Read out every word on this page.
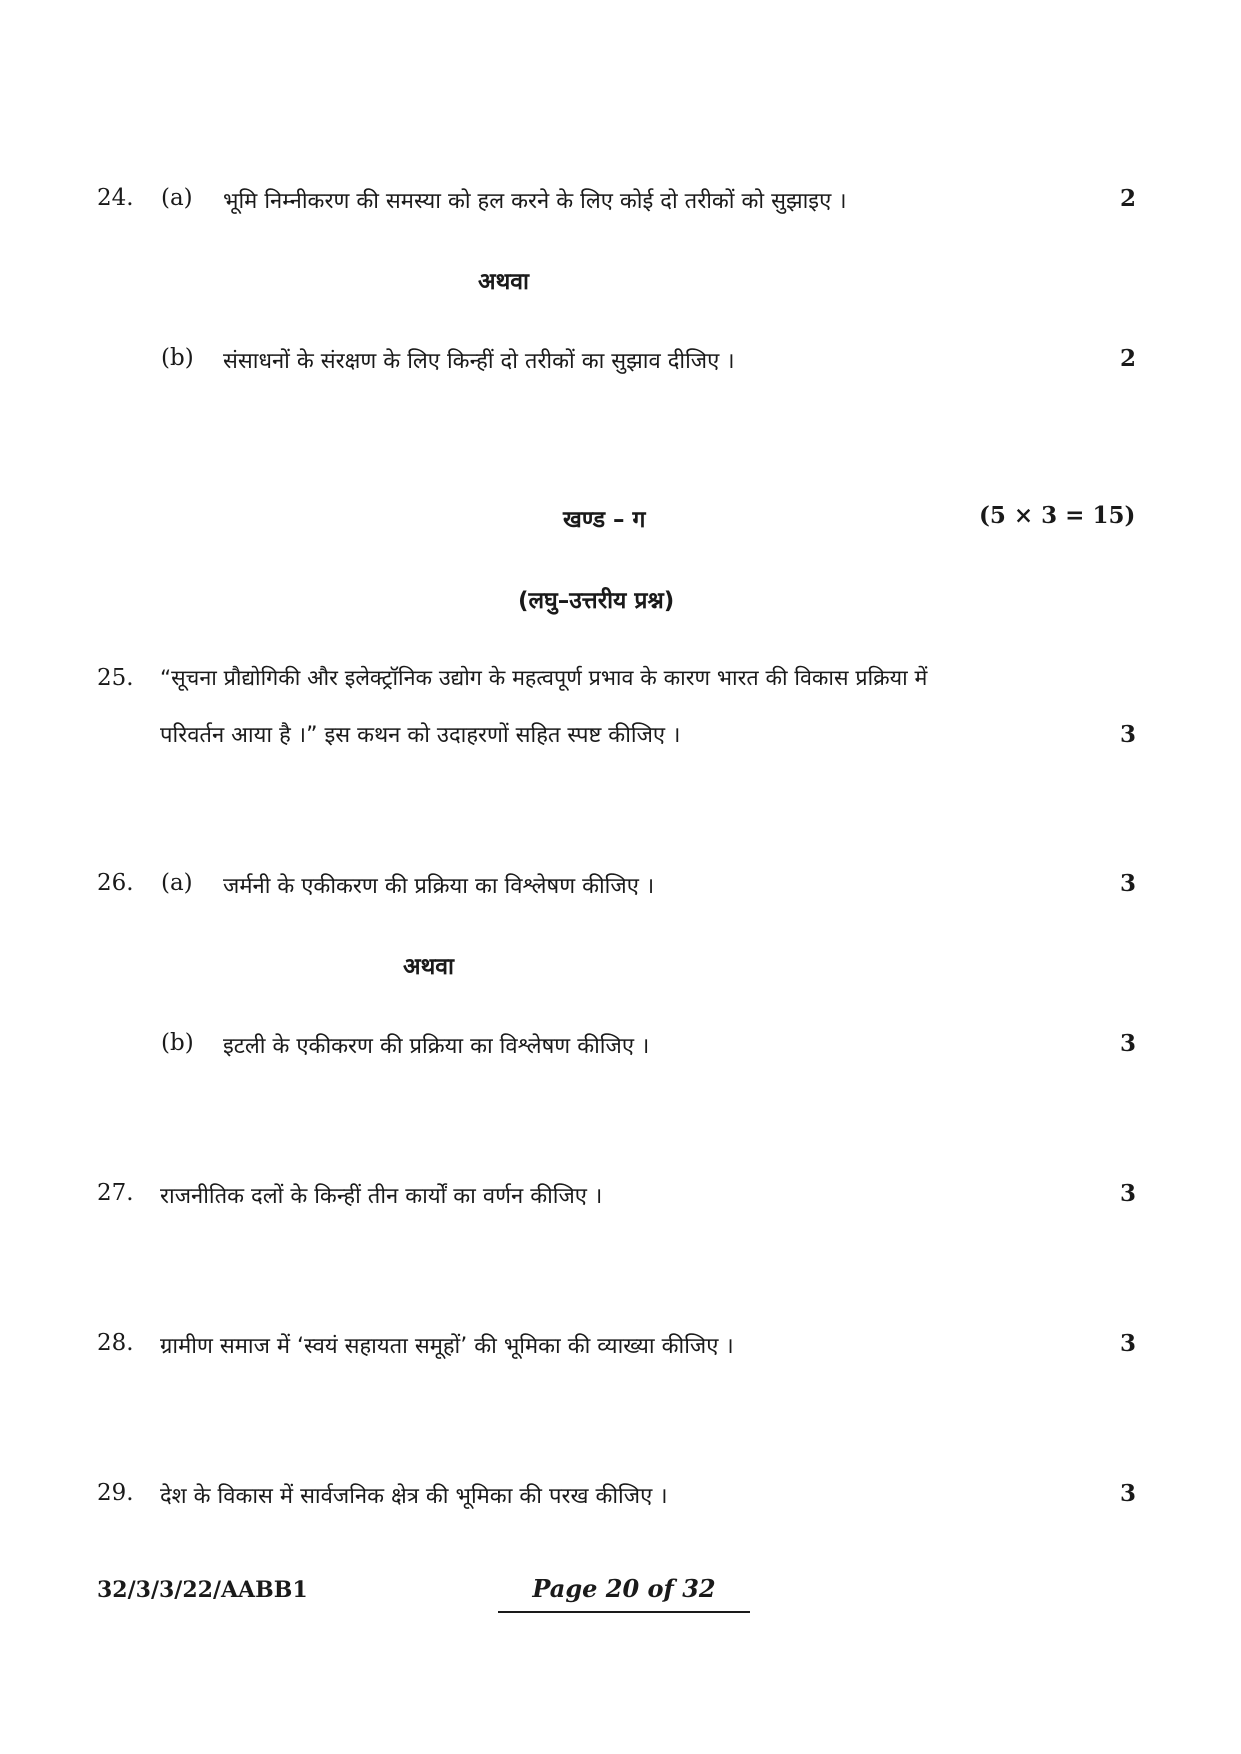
24. (a) भूमि निम्नीकरण की समस्या को हल करने के लिए कोई दो तरीकों को सुझाइए ।	2
अथवा
(b) संसाधनों के संरक्षण के लिए किन्हीं दो तरीकों का सुझाव दीजिए ।	2
खण्ड – ग	(5 × 3 = 15)
(लघु–उत्तरीय प्रश्न)
25. “सूचना प्रौद्योगिकी और इलेक्ट्रॉनिक उद्योग के महत्वपूर्ण प्रभाव के कारण भारत की विकास प्रक्रिया में
परिवर्तन आया है ।” इस कथन को उदाहरणों सहित स्पष्ट कीजिए ।	3
26. (a) जर्मनी के एकीकरण की प्रक्रिया का विश्लेषण कीजिए ।	3
अथवा
(b) इटली के एकीकरण की प्रक्रिया का विश्लेषण कीजिए ।	3
27. राजनीतिक दलों के किन्हीं तीन कार्यों का वर्णन कीजिए ।	3
28. ग्रामीण समाज में ‘स्वयं सहायता समूहों’ की भूमिका की व्याख्या कीजिए ।	3
29. देश के विकास में सार्वजनिक क्षेत्र की भूमिका की परख कीजिए ।	3
32/3/3/22/AABB1	Page 20 of 32
